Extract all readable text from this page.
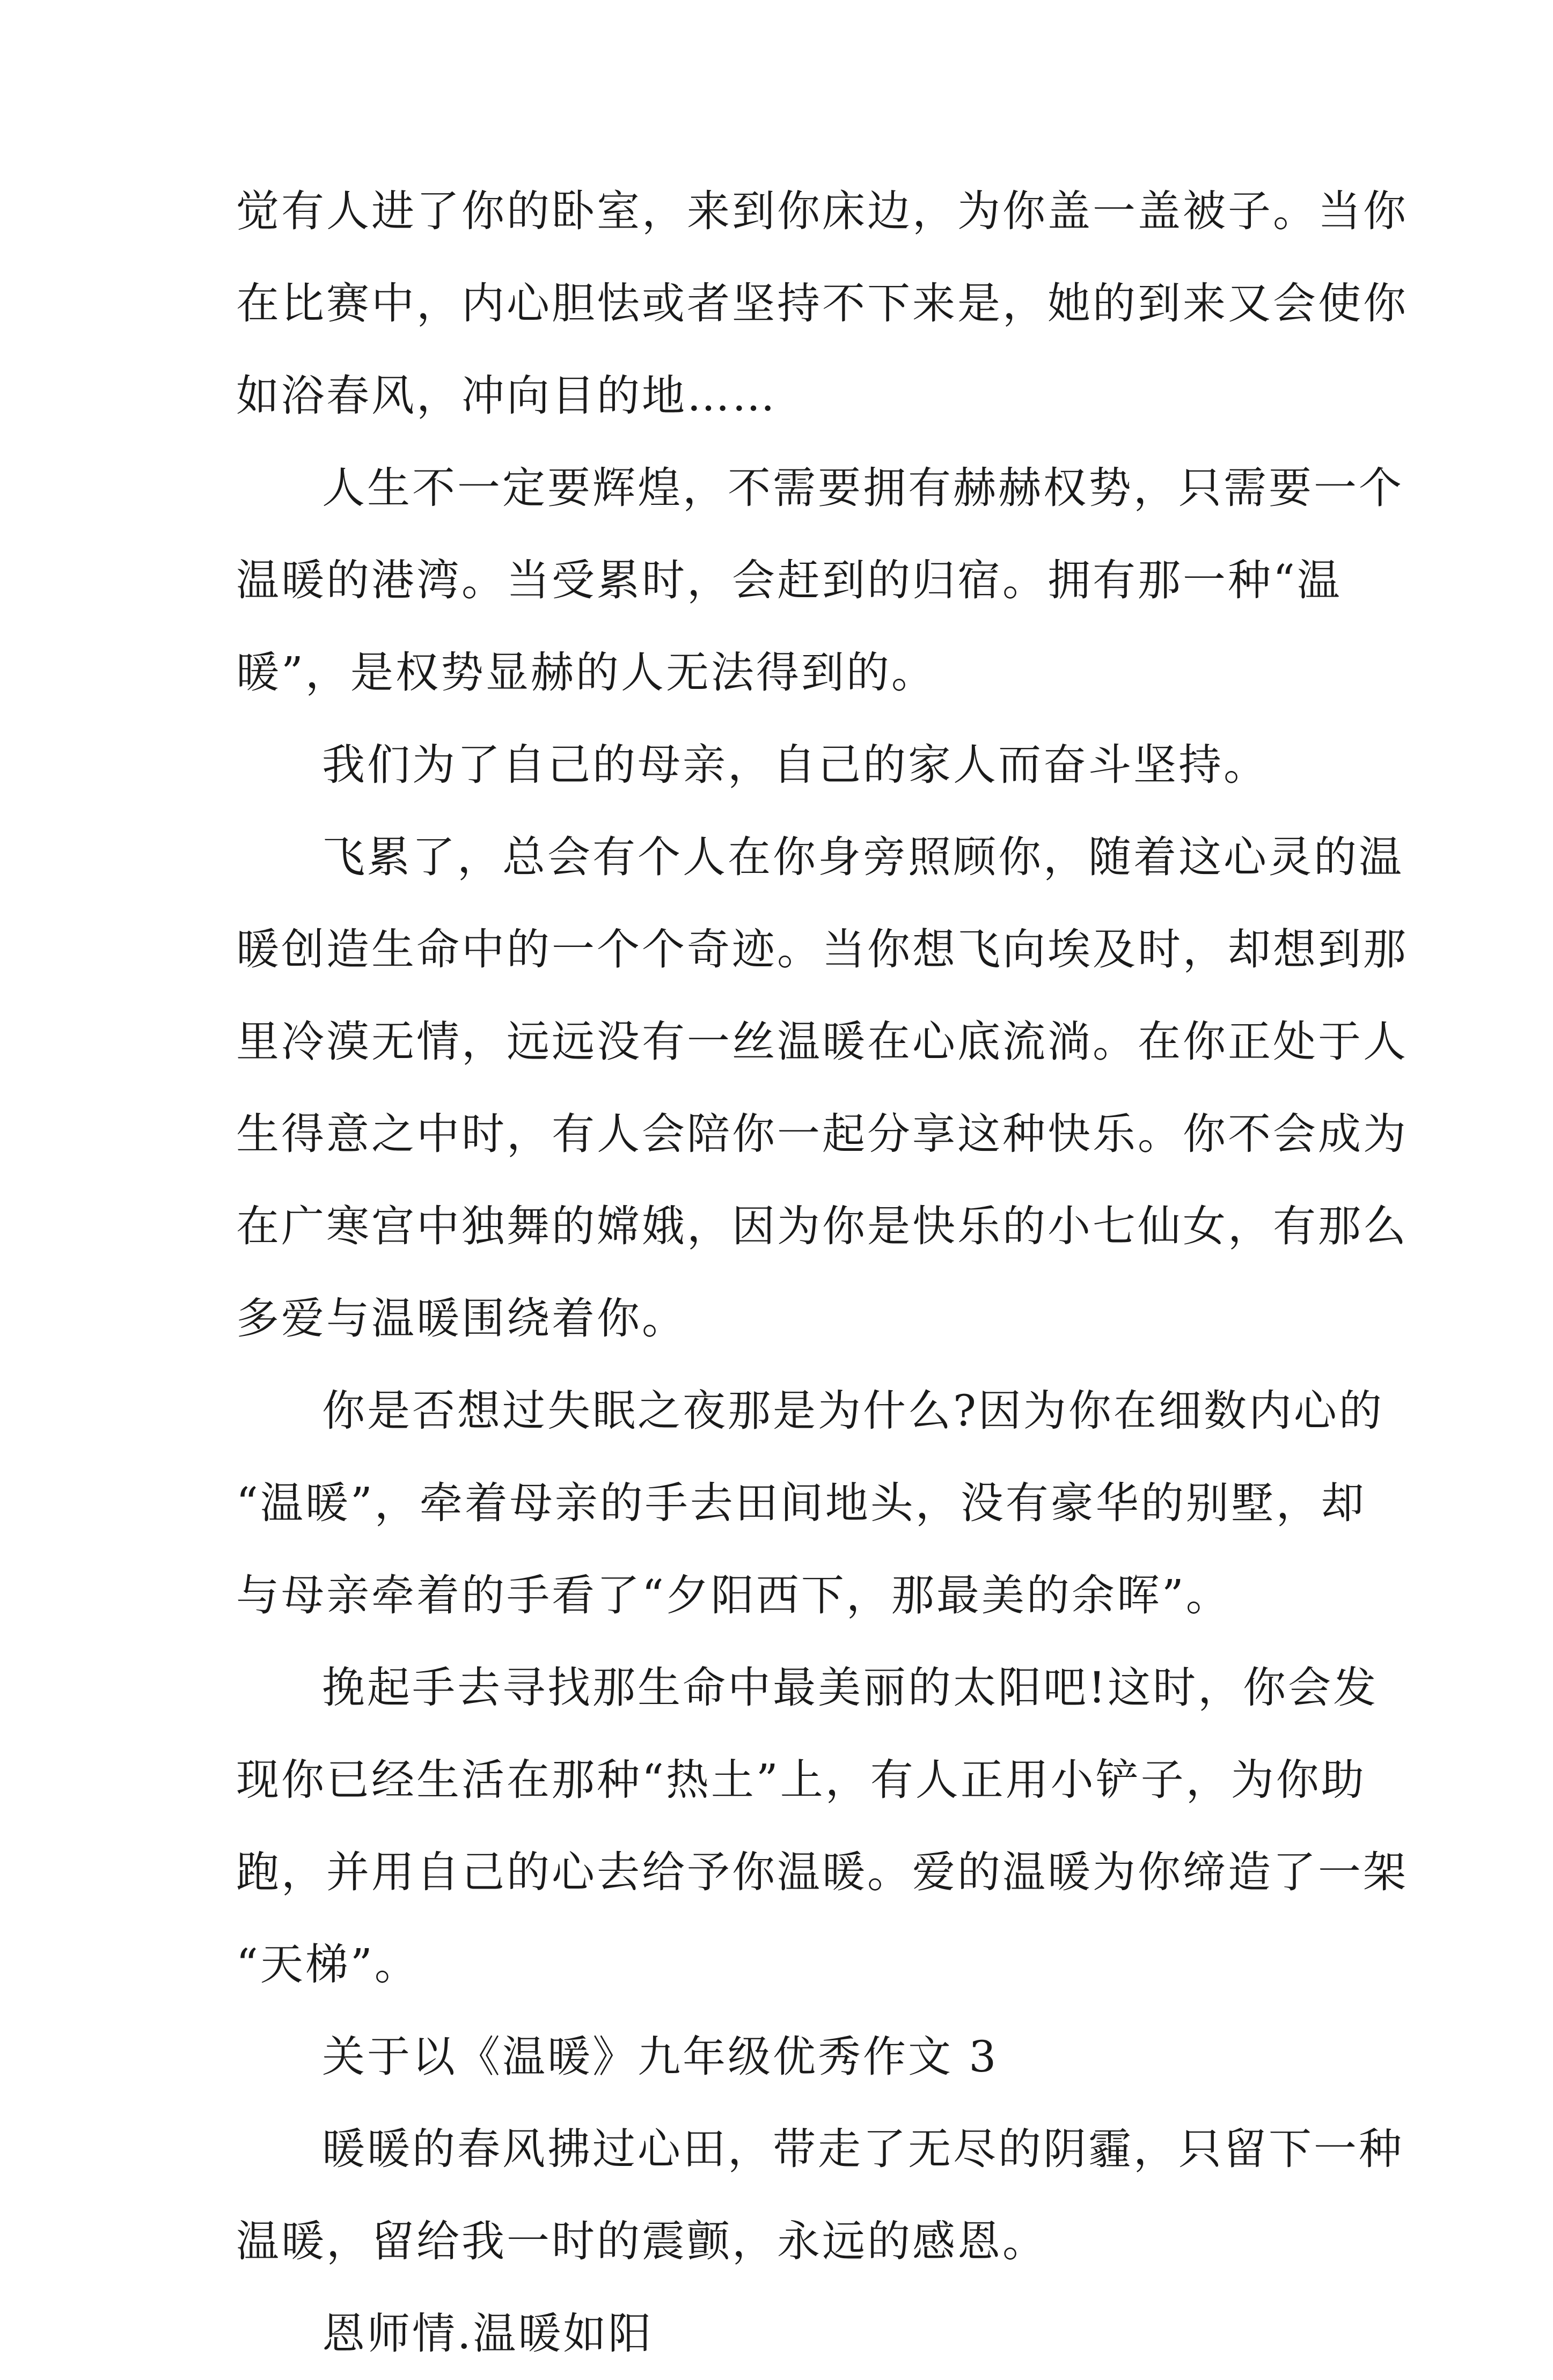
觉有人进了你的卧室，来到你床边，为你盖一盖被子。当你
在比赛中，内心胆怯或者坚持不下来是，她的到来又会使你
如浴春风，冲向目的地……
人生不一定要辉煌，不需要拥有赫赫权势，只需要一个
温暖的港湾。当受累时，会赶到的归宿。拥有那一种“温
暖”，是权势显赫的人无法得到的。
我们为了自己的母亲，自己的家人而奋斗坚持。
飞累了，总会有个人在你身旁照顾你，随着这心灵的温
暖创造生命中的一个个奇迹。当你想飞向埃及时，却想到那
里冷漠无情，远远没有一丝温暖在心底流淌。在你正处于人
生得意之中时，有人会陪你一起分享这种快乐。你不会成为
在广寒宫中独舞的嫦娥，因为你是快乐的小七仙女，有那么
多爱与温暖围绕着你。
你是否想过失眠之夜那是为什么?因为你在细数内心的
“温暖”，牵着母亲的手去田间地头，没有豪华的别墅，却
与母亲牵着的手看了“夕阳西下，那最美的余晖”。
挽起手去寻找那生命中最美丽的太阳吧!这时，你会发
现你已经生活在那种“热土”上，有人正用小铲子，为你助
跑，并用自己的心去给予你温暖。爱的温暖为你缔造了一架
“天梯”。
关于以《温暖》九年级优秀作文 3
暖暖的春风拂过心田，带走了无尽的阴霾，只留下一种
温暖，留给我一时的震颤，永远的感恩。
恩师情.温暖如阳
